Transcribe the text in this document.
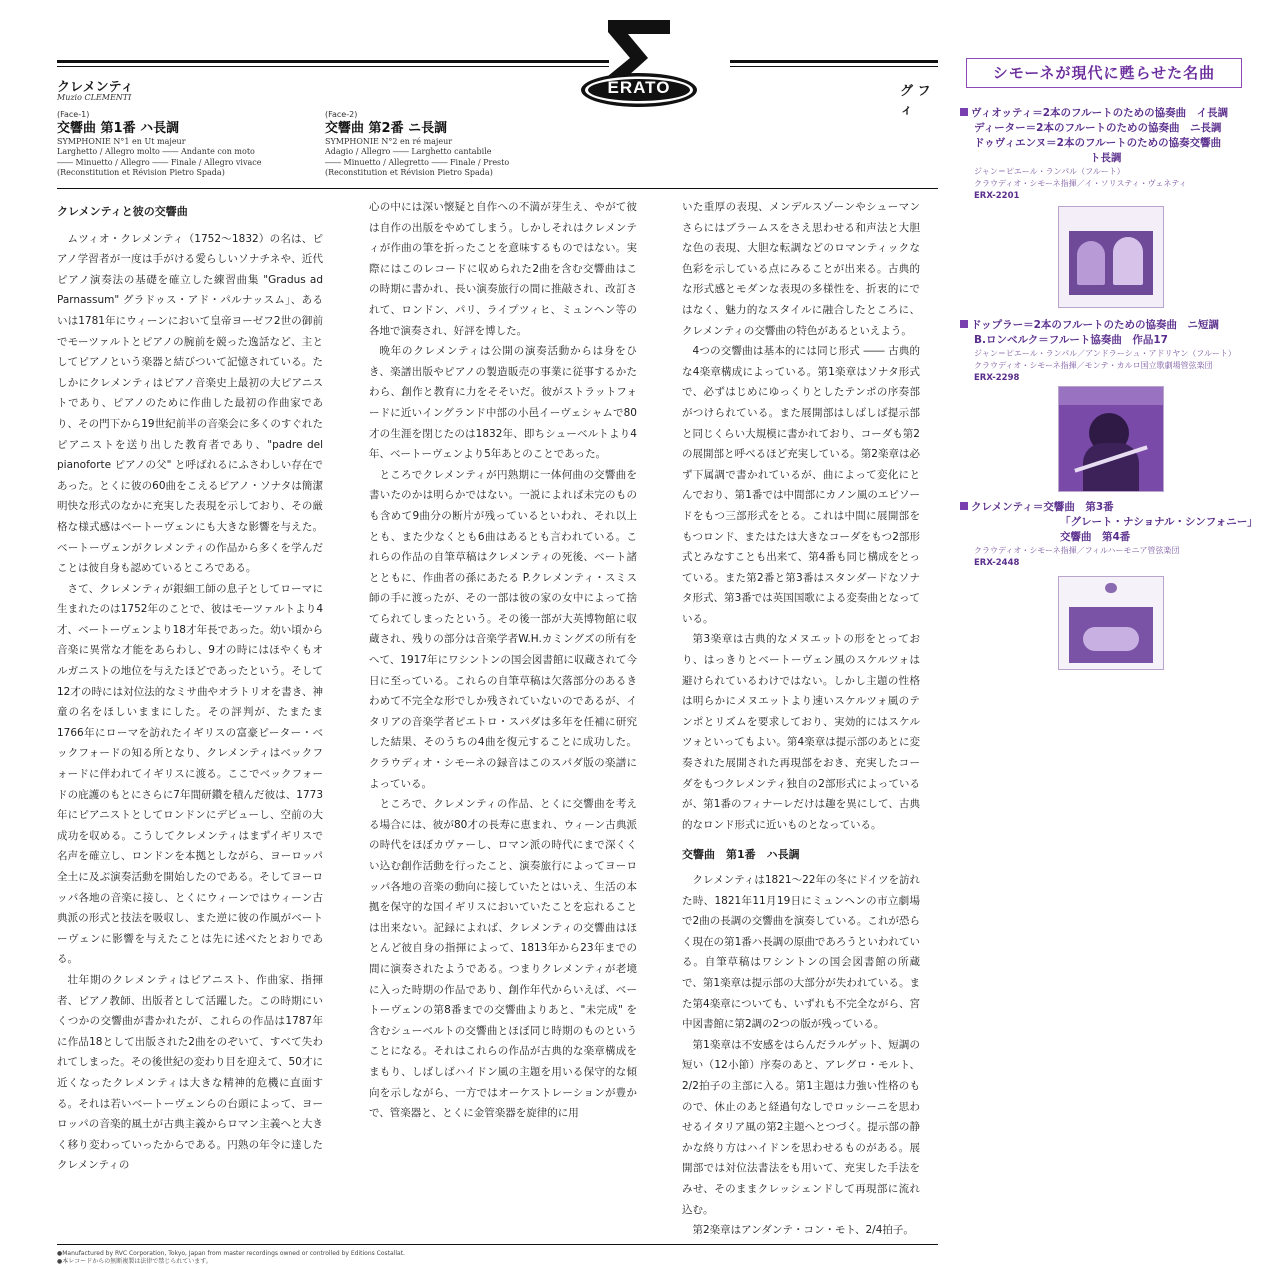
ERATO
クレメンティ
Muzio CLEMENTI
(Face-1)
交響曲 第1番 ハ長調
SYMPHONIE N°1 en Ut majeur
Larghetto / Allegro molto ―― Andante con moto
―― Minuetto / Allegro ―― Finale / Allegro vivace
(Reconstitution et Révision Pietro Spada)
(Face-2)
交響曲 第2番 ニ長調
SYMPHONIE N°2 en ré majeur
Adagio / Allegro ―― Larghetto cantabile
―― Minuetto / Allegretto ―― Finale / Presto
(Reconstitution et Révision Pietro Spada)
グ フィ
クレメンティと彼の交響曲

ムツィオ・クレメンティ（1752〜1832）の名は、ピアノ学習者が一度は手がける愛らしいソナチネや、近代ピアノ演奏法の基礎を確立した練習曲集 "Gradus ad Parnassum" グラドゥス・アド・パルナッスム」、あるいは1781年にウィーンにおいて皇帝ヨーゼフ2世の御前でモーツァルトとピアノの腕前を競った逸話など、主としてピアノという楽器と結びついて記憶されている。たしかにクレメンティはピアノ音楽史上最初の大ピアニストであり、ピアノのために作曲した最初の作曲家であり、その門下から19世紀前半の音楽会に多くのすぐれたピアニストを送り出した教育者であり、"padre del pianoforte ピアノの父" と呼ばれるにふさわしい存在であった。とくに彼の60曲をこえるピアノ・ソナタは簡潔明快な形式のなかに充実した表現を示しており、その厳格な様式感はベートーヴェンにも大きな影響を与えた。ベートーヴェンがクレメンティの作品から多くを学んだことは彼自身も認めているところである。

さて、クレメンティが銀細工師の息子としてローマに生まれたのは1752年のことで、彼はモーツァルトより4才、ベートーヴェンより18才年長であった。幼い頃から音楽に異常な才能をあらわし、9才の時にはほやくもオルガニストの地位を与えたほどであったという。そして12才の時には対位法的なミサ曲やオラトリオを書き、神童の名をほしいままにした。その評判が、たまたま1766年にローマを訪れたイギリスの富豪ピーター・ベックフォードの知る所となり、クレメンティはベックフォードに伴われてイギリスに渡る。ここでベックフォードの庇護のもとにさらに7年間研鑽を積んだ彼は、1773年にピアニストとしてロンドンにデビューし、空前の大成功を収める。こうしてクレメンティはまずイギリスで名声を確立し、ロンドンを本拠としながら、ヨーロッパ全土に及ぶ演奏活動を開始したのである。そしてヨーロッパ各地の音楽に接し、とくにウィーンではウィーン古典派の形式と技法を吸収し、また逆に彼の作風がベートーヴェンに影響を与えたことは先に述べたとおりである。

壮年期のクレメンティはピアニスト、作曲家、指揮者、ピアノ教師、出版者として活躍した。この時期にいくつかの交響曲が書かれたが、これらの作品は1787年に作品18として出版された2曲をのぞいて、すべて失われてしまった。その後世紀の変わり目を迎えて、50才に近くなったクレメンティは大きな精神的危機に直面する。それは若いベートーヴェンらの台頭によって、ヨーロッパの音楽的風土が古典主義からロマン主義へと大きく移り変わっていったからである。円熟の年令に達したクレメンティの

心の中には深い懐疑と自作への不満が芽生え、やがて彼は自作の出版をやめてしまう。しかしそれはクレメンティが作曲の筆を折ったことを意味するものではない。実際にはこのレコードに収められた2曲を含む交響曲はこの時期に書かれ、長い演奏旅行の間に推敲され、改訂されて、ロンドン、パリ、ライプツィヒ、ミュンヘン等の各地で演奏され、好評を博した。

晩年のクレメンティは公開の演奏活動からは身をひき、楽譜出版やピアノの製造販売の事業に従事するかたわら、創作と教育に力をそそいだ。彼がストラットフォードに近いイングランド中部の小邑イーヴェシャムで80才の生涯を閉じたのは1832年、即ちシューベルトより4年、ベートーヴェンより5年あとのことであった。

ところでクレメンティが円熟期に一体何曲の交響曲を書いたのかは明らかではない。一説によれば未完のものも含めて9曲分の断片が残っているといわれ、それ以上とも、また少なくとも6曲はあるとも言われている。これらの作品の自筆草稿はクレメンティの死後、ベート諸とともに、作曲者の孫にあたる P.クレメンティ・スミス師の手に渡ったが、その一部は彼の家の女中によって捨てられてしまったという。その後一部が大英博物館に収蔵され、残りの部分は音楽学者W.H.カミングズの所有をへて、1917年にワシントンの国会図書館に収蔵されて今日に至っている。これらの自筆草稿は欠落部分のあるきわめて不完全な形でしか残されていないのであるが、イタリアの音楽学者ピエトロ・スパダは多年を任補に研究した結果、そのうちの4曲を復元することに成功した。クラウディオ・シモーネの録音はこのスパダ版の楽譜によっている。

ところで、クレメンティの作品、とくに交響曲を考える場合には、彼が80才の長寿に恵まれ、ウィーン古典派の時代をほぼカヴァーし、ロマン派の時代にまで深くくい込む創作活動を行ったこと、演奏旅行によってヨーロッパ各地の音楽の動向に接していたとはいえ、生活の本拠を保守的な国イギリスにおいていたことを忘れることは出来ない。記録によれば、クレメンティの交響曲はほとんど彼自身の指揮によって、1813年から23年までの間に演奏されたようである。つまりクレメンティが老境に入った時期の作品であり、創作年代からいえば、ベートーヴェンの第8番までの交響曲よりあと、"未完成" を含むシューベルトの交響曲とほぼ同じ時期のものということになる。それはこれらの作品が古典的な楽章構成をまもり、しばしばハイドン風の主題を用いる保守的な傾向を示しながら、一方ではオーケストレーションが豊かで、管楽器と、とくに金管楽器を旋律的に用

いた重厚の表現、メンデルスゾーンやシューマンさらにはブラームスをさえ思わせる和声法と大胆な色の表現、大胆な転調などのロマンティックな色彩を示している点にみることが出来る。古典的な形式感とモダンな表現の多様性を、折衷的にではなく、魅力的なスタイルに融合したところに、クレメンティの交響曲の特色があるといえよう。

4つの交響曲は基本的には同じ形式 ―― 古典的な4楽章構成によっている。第1楽章はソナタ形式で、必ずはじめにゆっくりとしたテンポの序奏部がつけられている。また展開部はしばしば提示部と同じくらい大規模に書かれており、コーダも第2の展開部と呼べるほど充実している。第2楽章は必ず下属調で書かれているが、曲によって変化にとんでおり、第1番では中間部にカノン風のエピソードをもつ三部形式をとる。これは中間に展開部をもつロンド、またはたは大きなコーダをもつ2部形式とみなすことも出来て、第4番も同じ構成をとっている。また第2番と第3番はスタンダードなソナタ形式、第3番では英国国歌による変奏曲となっている。

第3楽章は古典的なメヌエットの形をとっており、はっきりとベートーヴェン風のスケルツォは避けられているわけではない。しかし主題の性格は明らかにメヌエットより速いスケルツォ風のテンポとリズムを要求しており、実効的にはスケルツォといってもよい。第4楽章は提示部のあとに変奏された展開された再現部をおき、充実したコーダをもつクレメンティ独自の2部形式によっているが、第1番のフィナーレだけは趣を異にして、古典的なロンド形式に近いものとなっている。

交響曲　第1番　ハ長調

クレメンティは1821〜22年の冬にドイツを訪れた時、1821年11月19日にミュンヘンの市立劇場で2曲の長調の交響曲を演奏している。これが恐らく現在の第1番ハ長調の原曲であろうといわれている。自筆草稿はワシントンの国会図書館の所蔵で、第1楽章は提示部の大部分が失われている。また第4楽章についても、いずれも不完全ながら、宮中図書館に第2調の2つの版が残っている。

第1楽章は不安感をはらんだラルゲット、短調の短い（12小節）序奏のあと、アレグロ・モルト、2/2拍子の主部に入る。第1主題は力強い性格のもので、休止のあと経過句なしでロッシーニを思わせるイタリア風の第2主題へとつづく。提示部の静かな終り方はハイドンを思わせるものがある。展開部では対位法書法をも用いて、充実した手法をみせ、そのままクレッシェンドして再現部に流れ込む。

第2楽章はアンダンテ・コン・モト、2/4拍子。

●Manufactured by RVC Corporation, Tokyo, Japan from master recordings owned or controlled by Editions Costallat.
●本レコードからの無断複製は法律で禁じられています。
シモーネが現代に甦らせた名曲
ヴィオッティ＝2本のフルートのための協奏曲　イ長調
ディーター＝2本のフルートのための協奏曲　ニ長調
ドゥヴィエンヌ＝2本のフルートのための協奏交響曲
ト長調
ジャン＝ピエール・ランパル（フルート）
クラウディオ・シモーネ指揮／イ・ソリスティ・ヴェネティ
ERX-2201
ドップラー＝2本のフルートのための協奏曲　ニ短調
B.ロンベルク＝フルート協奏曲　作品17
ジャン＝ピエール・ランパル／アンドラーシュ・アドリヤン（フルート）
クラウディオ・シモーネ指揮／モンテ・カルロ国立歌劇場管弦楽団
ERX-2298
クレメンティ＝交響曲　第3番
「グレート・ナショナル・シンフォニー」
交響曲　第4番
クラウディオ・シモーネ指揮／フィルハーモニア管弦楽団
ERX-2448
